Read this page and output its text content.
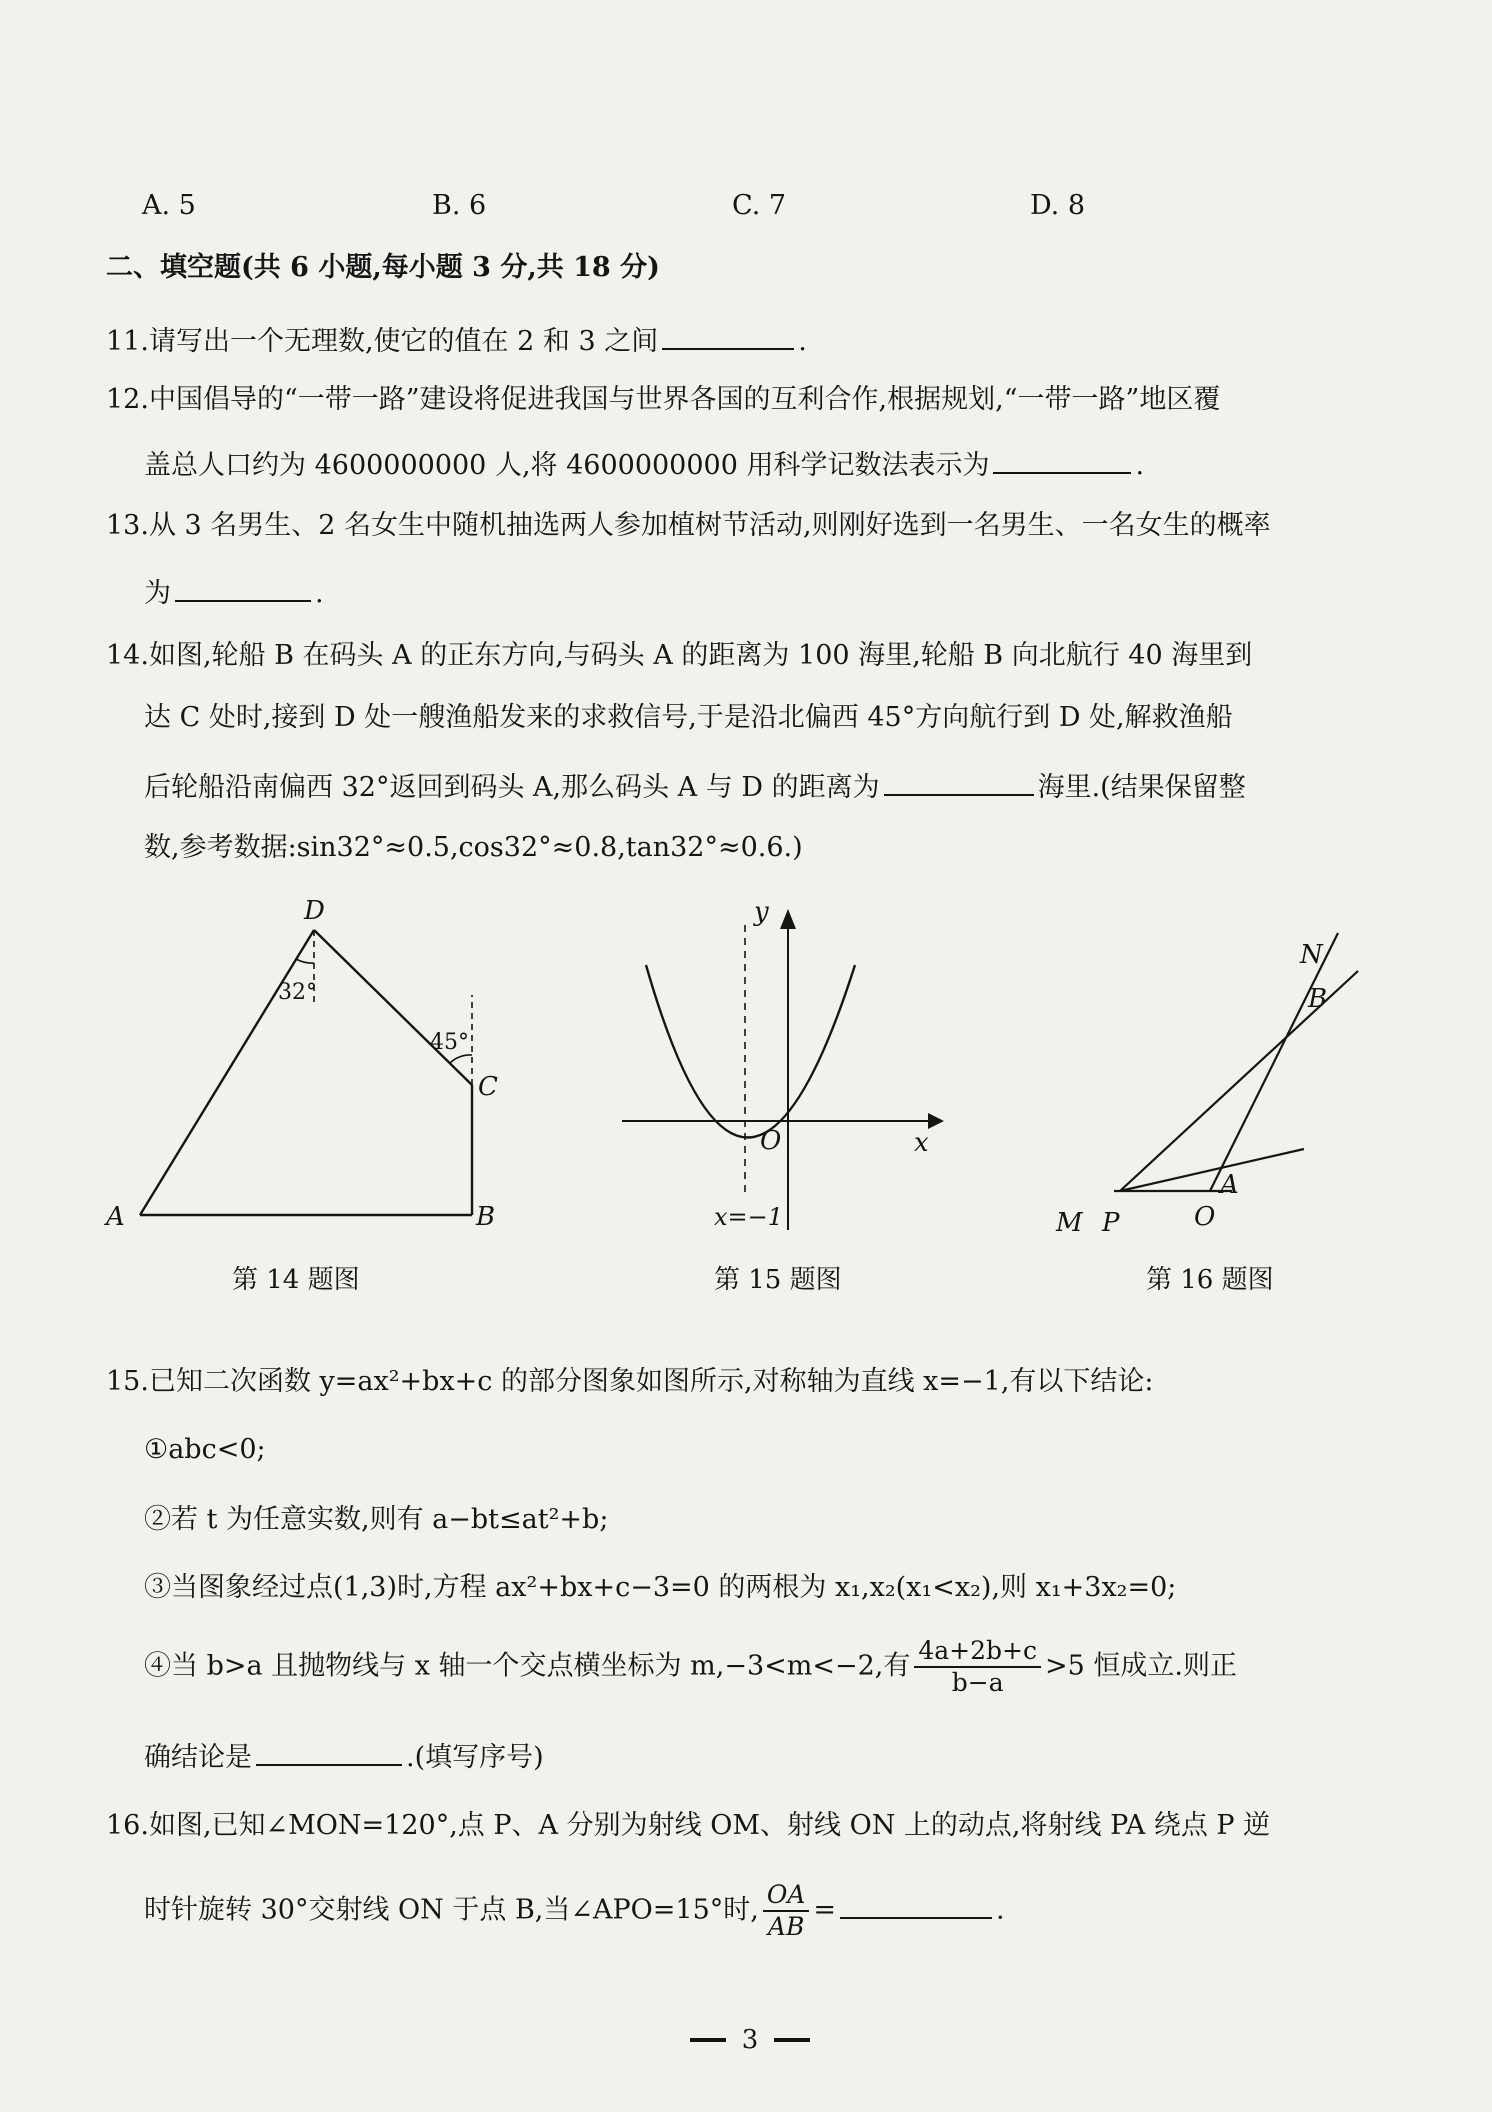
A. 5	B. 6	C. 7	D. 8
二、填空题(共 6 小题,每小题 3 分,共 18 分)
11.请写出一个无理数,使它的值在 2 和 3 之间	.
12.中国倡导的“一带一路”建设将促进我国与世界各国的互利合作,根据规划,“一带一路”地区覆
盖总人口约为 4600000000 人,将 4600000000 用科学记数法表示为	.
13.从 3 名男生、2 名女生中随机抽选两人参加植树节活动,则刚好选到一名男生、一名女生的概率
为	.
14.如图,轮船 B 在码头 A 的正东方向,与码头 A 的距离为 100 海里,轮船 B 向北航行 40 海里到
达 C 处时,接到 D 处一艘渔船发来的求救信号,于是沿北偏西 45°方向航行到 D 处,解救渔船
后轮船沿南偏西 32°返回到码头 A,那么码头 A 与 D 的距离为	海里.(结果保留整
数,参考数据:sin32°≈0.5,cos32°≈0.8,tan32°≈0.6.)
D
A	B
C
32°
45°
第 14 题图
y
x
O
x=−1
第 15 题图
N
B
A
M P	O
第 16 题图
15.已知二次函数 y=ax²+bx+c 的部分图象如图所示,对称轴为直线 x=−1,有以下结论:
①abc<0;
②若 t 为任意实数,则有 a−bt≤at²+b;
③当图象经过点(1,3)时,方程 ax²+bx+c−3=0 的两根为 x₁,x₂(x₁<x₂),则 x₁+3x₂=0;
④当 b>a 且抛物线与 x 轴一个交点横坐标为 m,−3<m<−2,有 $\frac{4a+2b+c}{b-a} >5$ 恒成立.则正
确结论是	.(填写序号)
16.如图,已知∠MON=120°,点 P、A 分别为射线 OM、射线 ON 上的动点,将射线 PA 绕点 P 逆
时针旋转 30°交射线 ON 于点 B,当∠APO=15°时, $\frac{OA}{AB}$ =	.
3
